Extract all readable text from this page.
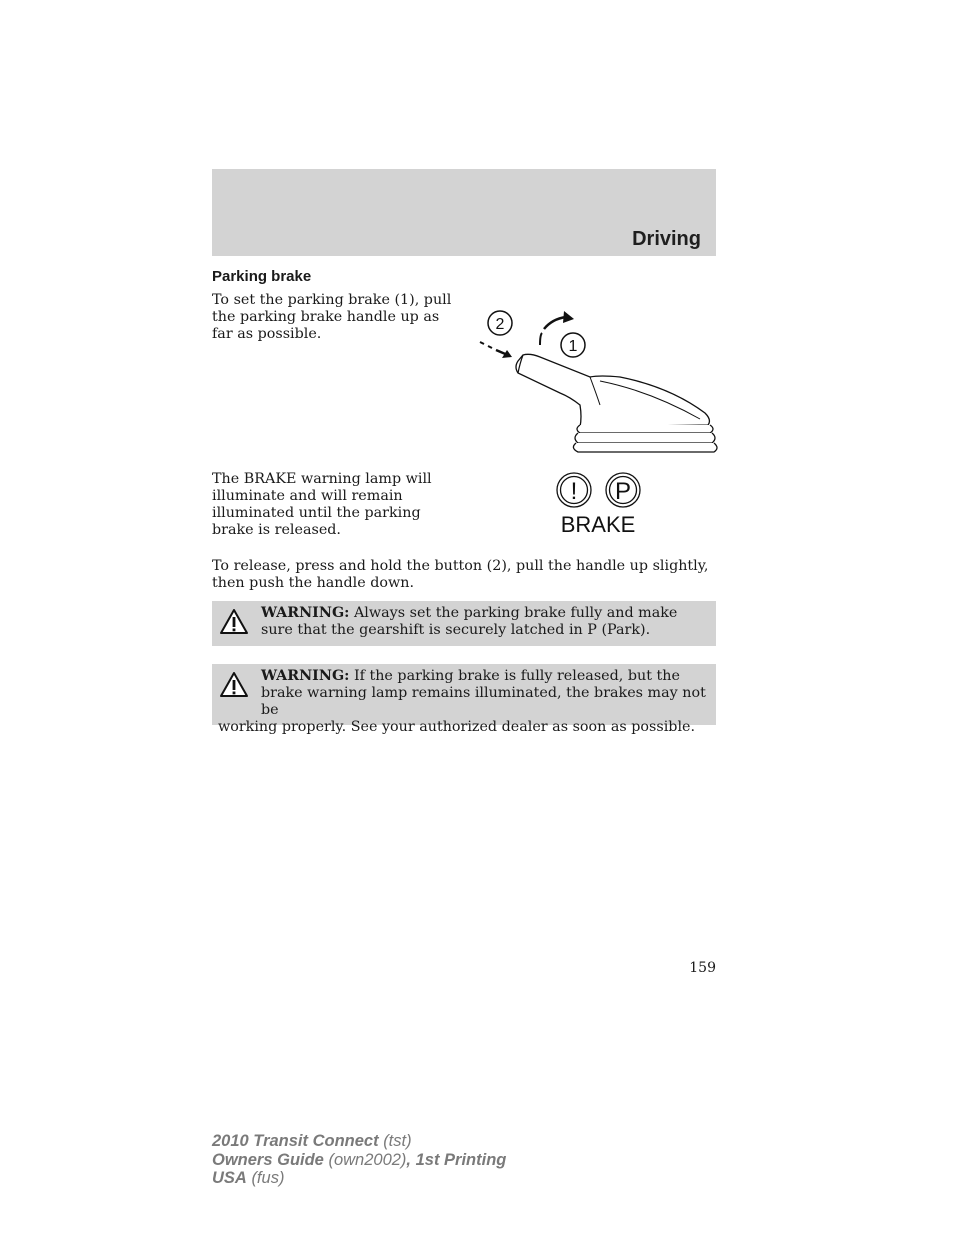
Driving
Parking brake
To set the parking brake (1), pull the parking brake handle up as far as possible.
2
1
The BRAKE warning lamp will illuminate and will remain illuminated until the parking brake is released.
! P
BRAKE
To release, press and hold the button (2), pull the handle up slightly, then push the handle down.
WARNING: Always set the parking brake fully and make sure that the gearshift is securely latched in P (Park).
WARNING: If the parking brake is fully released, but the brake warning lamp remains illuminated, the brakes may not be
working properly. See your authorized dealer as soon as possible.
159
2010 Transit Connect (tst)
Owners Guide (own2002), 1st Printing
USA (fus)
